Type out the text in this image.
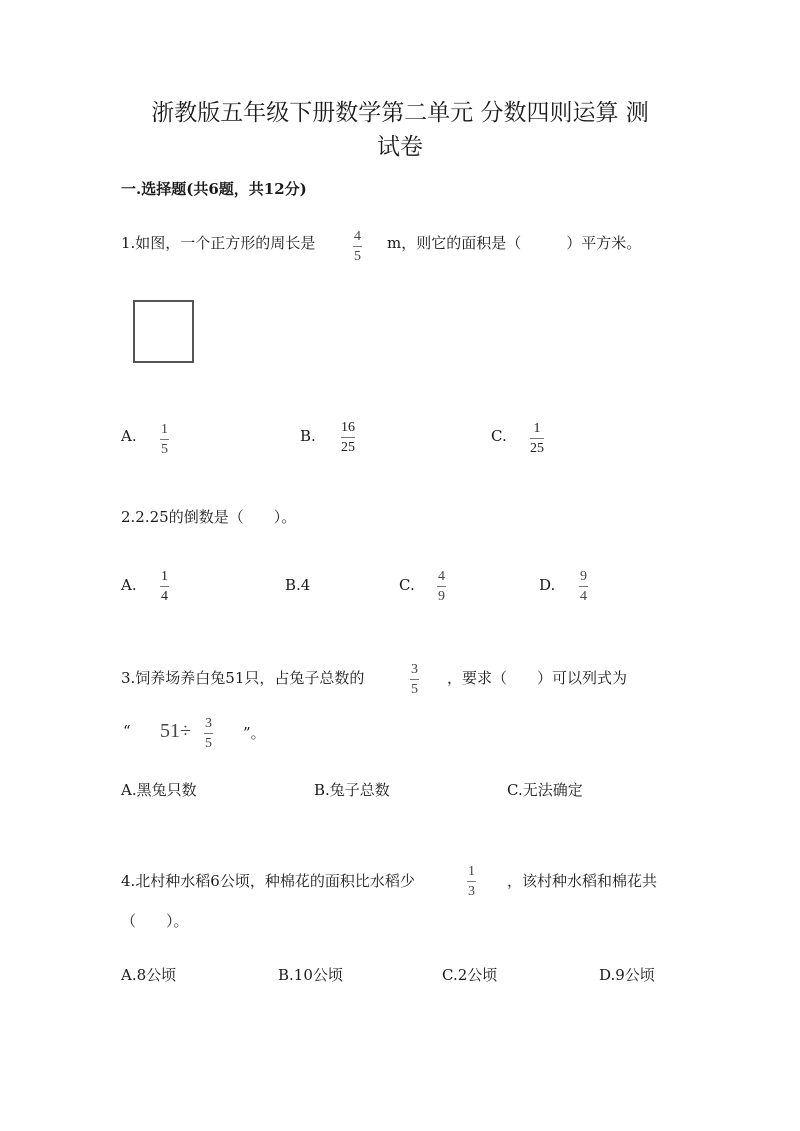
浙教版五年级下册数学第二单元 分数四则运算 测
试卷
一.选择题(共6题，共12分)
1.如图，一个正方形的周长是	4
5
m，则它的面积是（　　　）平方米。
A. 1
5
B. 16
25
C. 1
25
2.2.25的倒数是（　　）。
A. 1
4
B.4	C. 4
9
D. 9
4
3.饲养场养白兔51只，占兔子总数的	3
5
，要求（　　）可以列式为
“ 51÷ 3
5
”。
A.黑兔只数	B.兔子总数	C.无法确定
4.北村种水稻6公顷，种棉花的面积比水稻少
1
3
，该村种水稻和棉花共
（　　）。
A.8公顷	B.10公顷	C.2公顷	D.9公顷
